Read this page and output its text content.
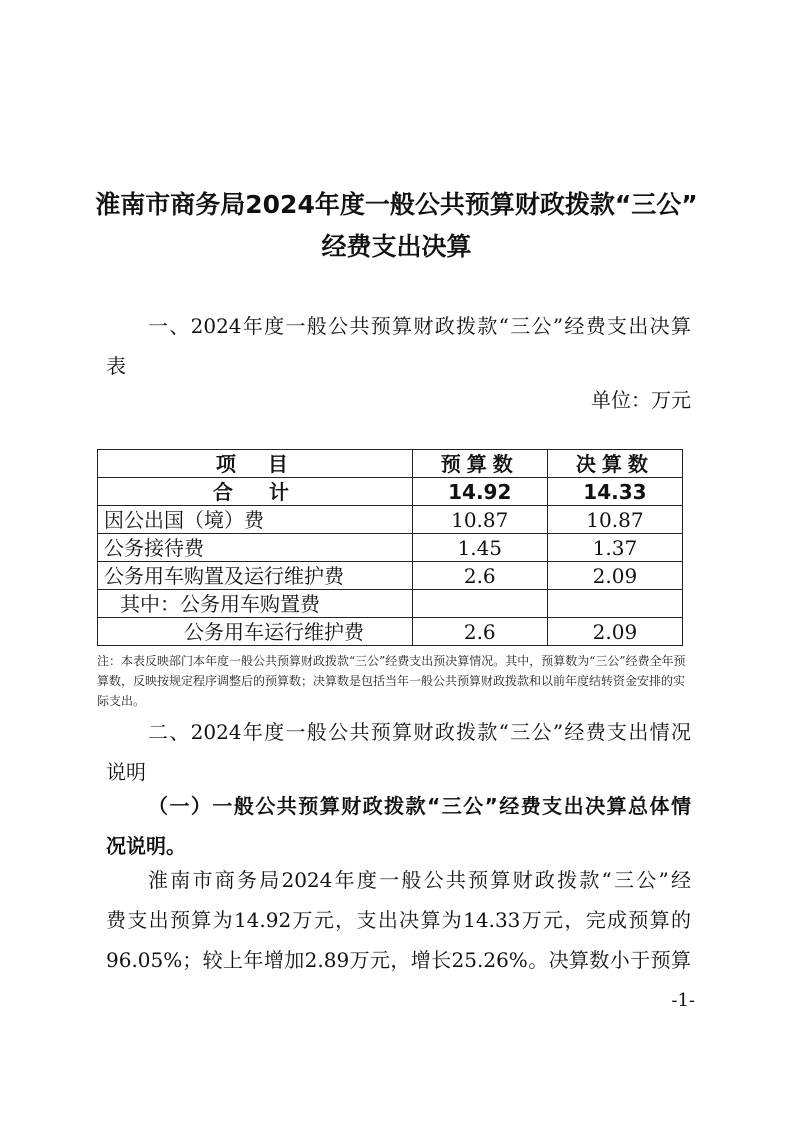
淮南市商务局2024年度一般公共预算财政拨款“三公”
经费支出决算
一、2024年度一般公共预算财政拨款“三公”经费支出决算
表
单位：万元
项　目	预算数	决算数
合　计	14.92	14.33
因公出国（境）费	10.87	10.87
公务接待费	1.45	1.37
公务用车购置及运行维护费	2.6	2.09
其中：公务用车购置费		
公务用车运行维护费	2.6	2.09
注：本表反映部门本年度一般公共预算财政拨款“三公”经费支出预决算情况。其中，预算数为“三公”经费全年预算数，反映按规定程序调整后的预算数；决算数是包括当年一般公共预算财政拨款和以前年度结转资金安排的实际支出。
二、2024年度一般公共预算财政拨款“三公”经费支出情况
说明
（一）一般公共预算财政拨款“三公”经费支出决算总体情
况说明。
淮南市商务局2024年度一般公共预算财政拨款“三公”经
费支出预算为14.92万元，支出决算为14.33万元，完成预算的
96.05%；较上年增加2.89万元，增长25.26%。决算数小于预算
-1-
